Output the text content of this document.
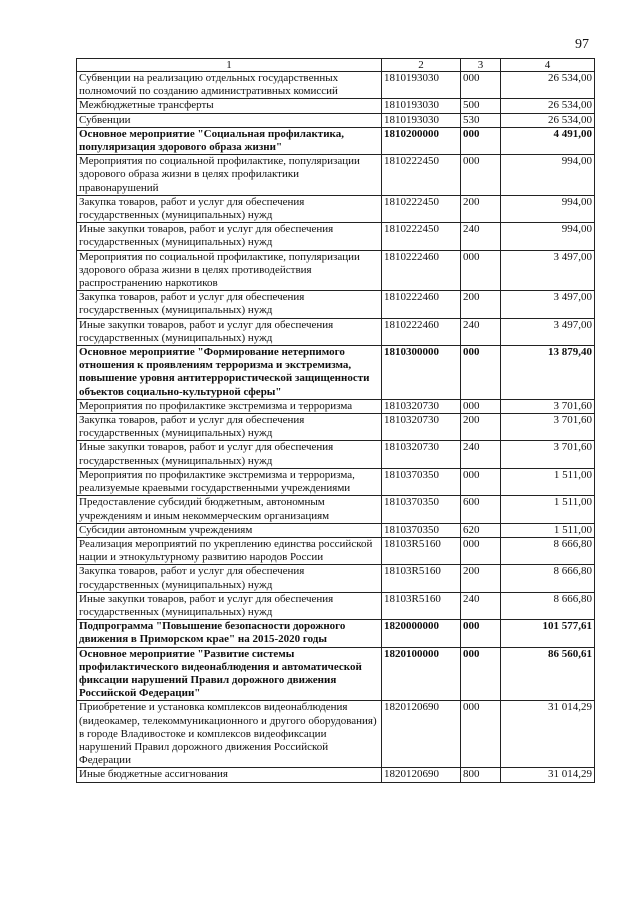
97
1	2	3	4
Субвенции на реализацию отдельных государственных полномочий по созданию административных комиссий	1810193030	000	26 534,00
Межбюджетные трансферты	1810193030	500	26 534,00
Субвенции	1810193030	530	26 534,00
Основное мероприятие "Социальная профилактика, популяризация здорового образа жизни"	1810200000	000	4 491,00
Мероприятия по социальной профилактике, популяризации здорового образа жизни в целях профилактики правонарушений	1810222450	000	994,00
Закупка товаров, работ и услуг для обеспечения государственных (муниципальных) нужд	1810222450	200	994,00
Иные закупки товаров, работ и услуг для обеспечения государственных (муниципальных) нужд	1810222450	240	994,00
Мероприятия по социальной профилактике, популяризации здорового образа жизни в целях противодействия распространению наркотиков	1810222460	000	3 497,00
Закупка товаров, работ и услуг для обеспечения государственных (муниципальных) нужд	1810222460	200	3 497,00
Иные закупки товаров, работ и услуг для обеспечения государственных (муниципальных) нужд	1810222460	240	3 497,00
Основное мероприятие "Формирование нетерпимого отношения к проявлениям терроризма и экстремизма, повышение уровня антитеррористической защищенности объектов социально-культурной сферы"	1810300000	000	13 879,40
Мероприятия по профилактике экстремизма и терроризма	1810320730	000	3 701,60
Закупка товаров, работ и услуг для обеспечения государственных (муниципальных) нужд	1810320730	200	3 701,60
Иные закупки товаров, работ и услуг для обеспечения государственных (муниципальных) нужд	1810320730	240	3 701,60
Мероприятия по профилактике экстремизма и терроризма, реализуемые краевыми государственными учреждениями	1810370350	000	1 511,00
Предоставление субсидий бюджетным, автономным учреждениям и иным некоммерческим организациям	1810370350	600	1 511,00
Субсидии автономным учреждениям	1810370350	620	1 511,00
Реализация мероприятий по укреплению единства российской нации и этнокультурному развитию народов России	18103R5160	000	8 666,80
Закупка товаров, работ и услуг для обеспечения государственных (муниципальных) нужд	18103R5160	200	8 666,80
Иные закупки товаров, работ и услуг для обеспечения государственных (муниципальных) нужд	18103R5160	240	8 666,80
Подпрограмма "Повышение безопасности дорожного движения в Приморском крае" на 2015-2020 годы	1820000000	000	101 577,61
Основное мероприятие "Развитие системы профилактического видеонаблюдения и автоматической фиксации нарушений Правил дорожного движения Российской Федерации"	1820100000	000	86 560,61
Приобретение и установка комплексов видеонаблюдения (видеокамер, телекоммуникационного и другого оборудования) в городе Владивостоке и комплексов видеофиксации нарушений Правил дорожного движения Российской Федерации	1820120690	000	31 014,29
Иные бюджетные ассигнования	1820120690	800	31 014,29
